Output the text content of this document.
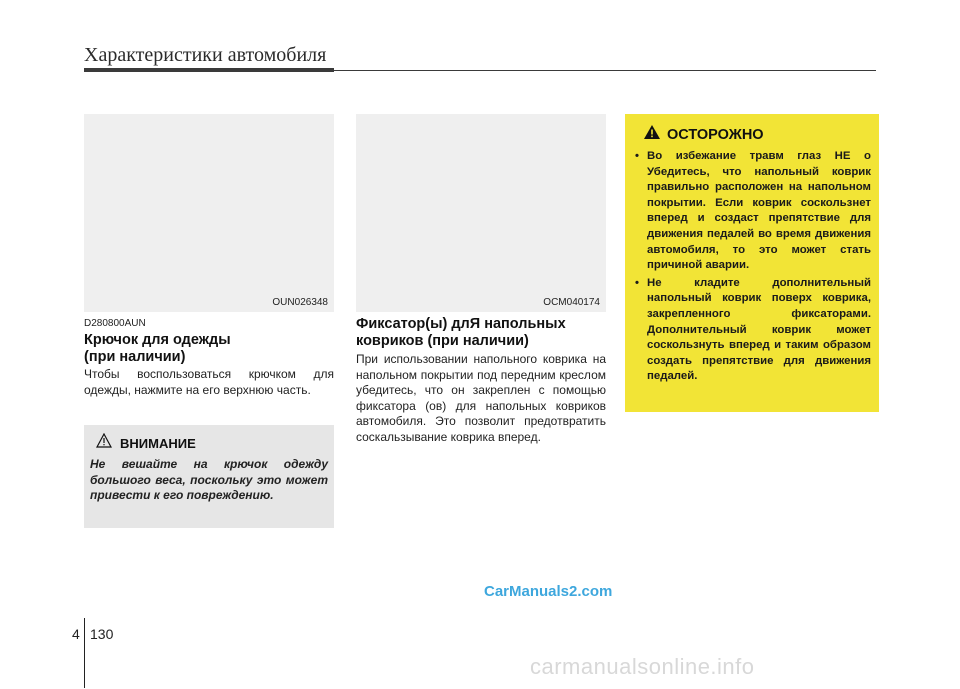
Характеристики автомобиля
OUN026348	OCM040174
D280800AUN
Крючок для одежды
(при наличии)
Чтобы воспользоваться крючком для одежды, нажмите на его верхнюю часть.
ВНИМАНИЕ
Не вешайте на крючок одежду большого веса, поскольку это может привести к его повреждению.
Фиксатор(ы) длЯ напольных
ковриков (при наличии)
При использовании напольного коврика на напольном покрытии под передним креслом убедитесь, что он закреплен с помощью фиксатора (ов) для напольных ковриков автомобиля. Это позволит предотвратить соскальзывание коврика вперед.
ОСТОРОЖНО
• Во избежание травм глаз НЕ о Убедитесь, что напольный коврик правильно расположен на напольном покрытии. Если коврик соскользнет вперед и создаст препятствие для движения педалей во время движения автомобиля, то это может стать причиной аварии.
• Не кладите дополнительный напольный коврик поверх коврика, закрепленного фиксаторами. Дополнительный коврик может соскользнуть вперед и таким образом создать препятствие для движения педалей.
CarManuals2.com
4 130
carmanualsonline.info
